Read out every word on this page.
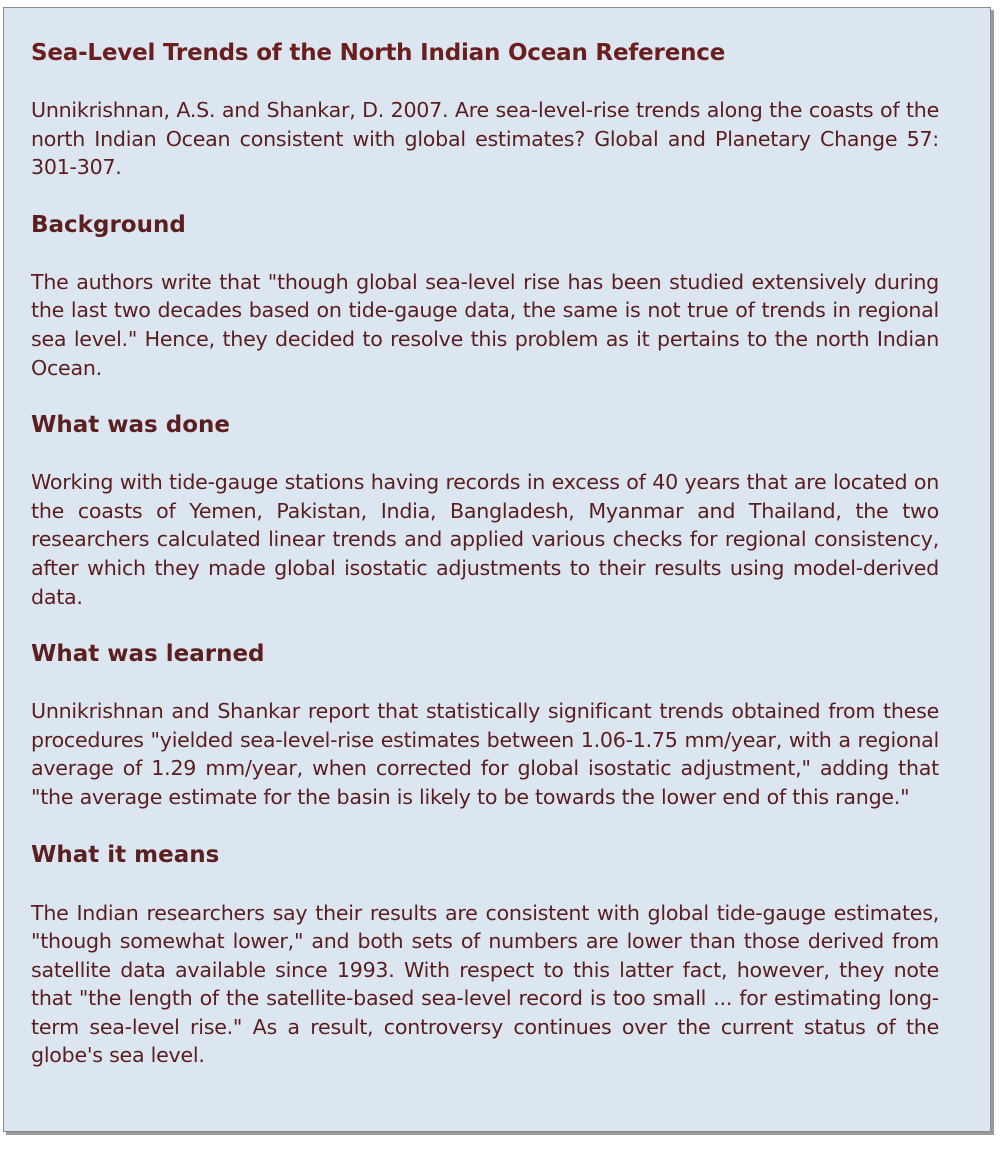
Sea-Level Trends of the North Indian Ocean Reference

Unnikrishnan, A.S. and Shankar, D. 2007. Are sea-level-rise trends along the coasts of the north Indian Ocean consistent with global estimates? Global and Planetary Change 57: 301-307.

Background

The authors write that "though global sea-level rise has been studied extensively during the last two decades based on tide-gauge data, the same is not true of trends in regional sea level." Hence, they decided to resolve this problem as it pertains to the north Indian Ocean.

What was done

Working with tide-gauge stations having records in excess of 40 years that are located on the coasts of Yemen, Pakistan, India, Bangladesh, Myanmar and Thailand, the two researchers calculated linear trends and applied various checks for regional consistency, after which they made global isostatic adjustments to their results using model-derived data.

What was learned

Unnikrishnan and Shankar report that statistically significant trends obtained from these procedures "yielded sea-level-rise estimates between 1.06-1.75 mm/year, with a regional average of 1.29 mm/year, when corrected for global isostatic adjustment," adding that "the average estimate for the basin is likely to be towards the lower end of this range."

What it means

The Indian researchers say their results are consistent with global tide-gauge estimates, "though somewhat lower," and both sets of numbers are lower than those derived from satellite data available since 1993. With respect to this latter fact, however, they note that "the length of the satellite-based sea-level record is too small ... for estimating long-term sea-level rise." As a result, controversy continues over the current status of the globe's sea level.
